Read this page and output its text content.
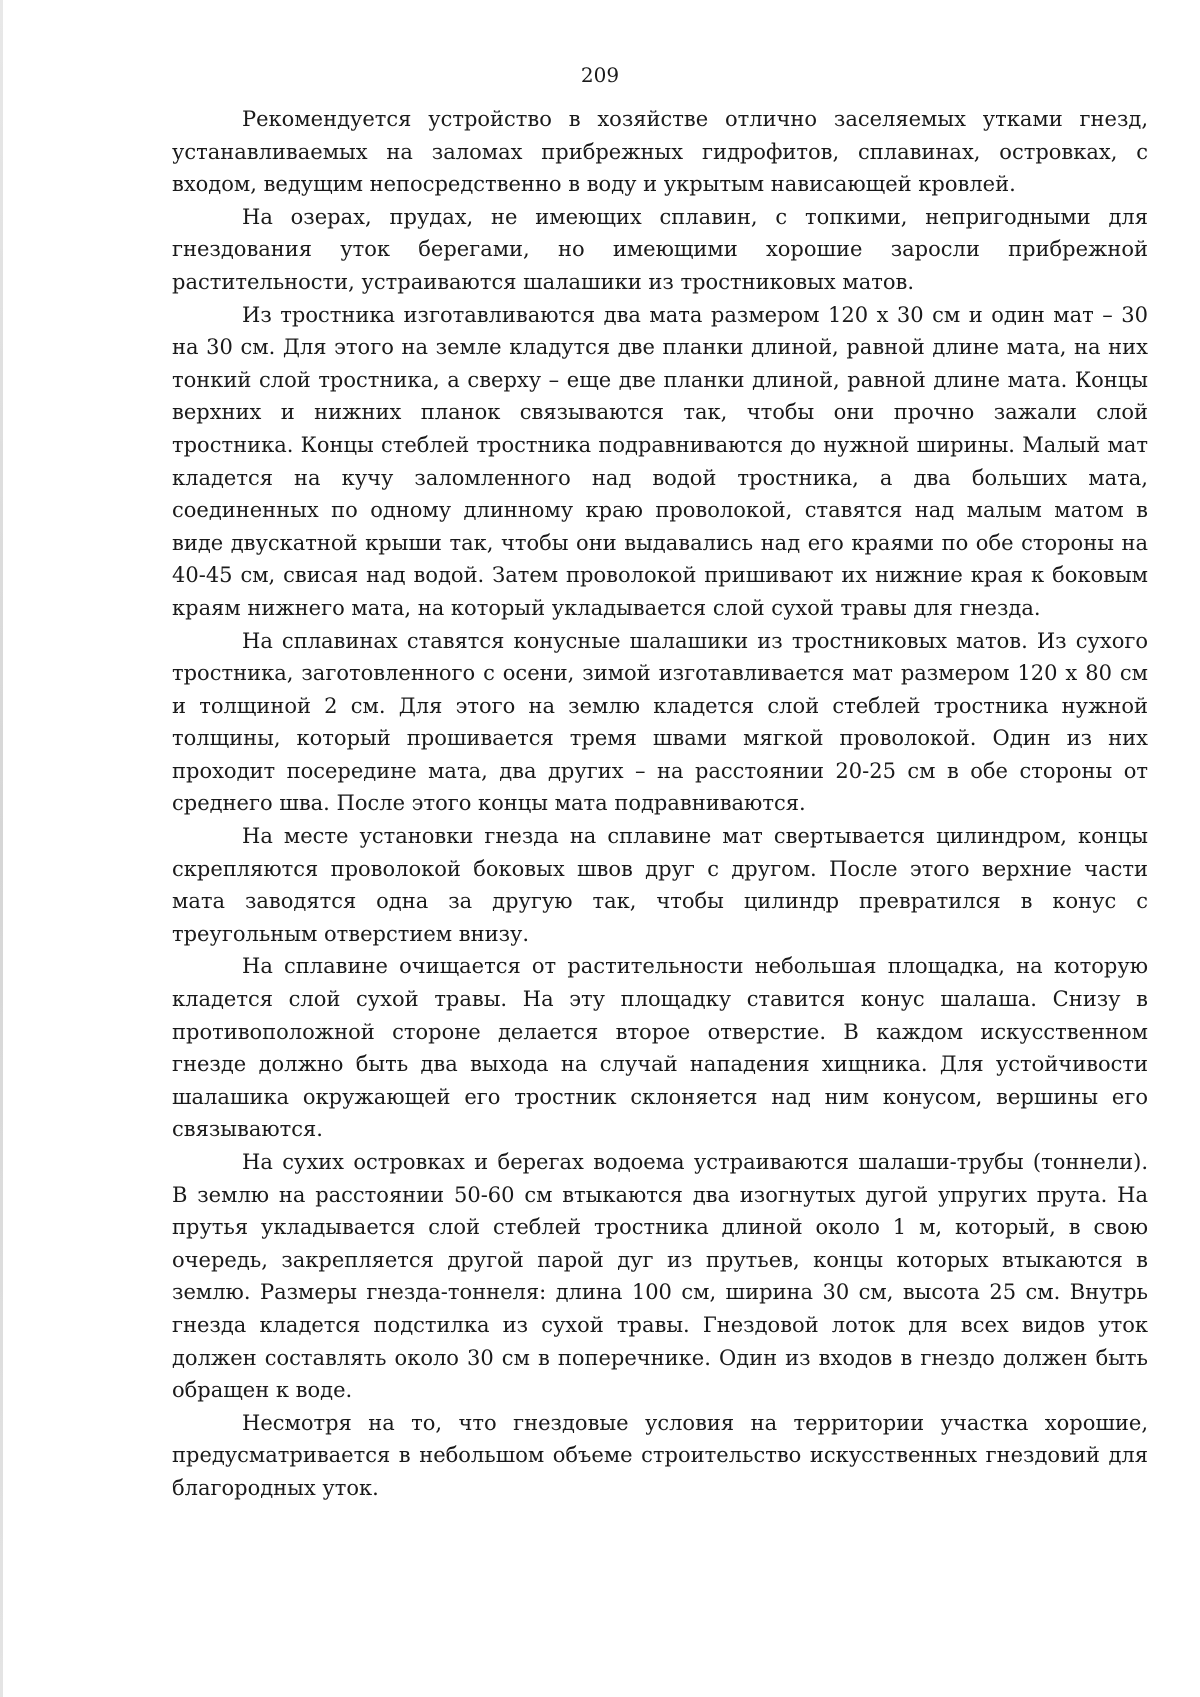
209

Рекомендуется устройство в хозяйстве отлично заселяемых утками гнезд, устанавливаемых на заломах прибрежных гидрофитов, сплавинах, островках, с входом, ведущим непосредственно в воду и укрытым нависающей кровлей.

На озерах, прудах, не имеющих сплавин, с топкими, непригодными для гнездования уток берегами, но имеющими хорошие заросли прибрежной растительности, устраиваются шалашики из тростниковых матов.

Из тростника изготавливаются два мата размером 120 х 30 см и один мат – 30 на 30 см. Для этого на земле кладутся две планки длиной, равной длине мата, на них тонкий слой тростника, а сверху – еще две планки длиной, равной длине мата. Концы верхних и нижних планок связываются так, чтобы они прочно зажали слой тростника. Концы стеблей тростника подравниваются до нужной ширины. Малый мат кладется на кучу заломленного над водой тростника, а два больших мата, соединенных по одному длинному краю проволокой, ставятся над малым матом в виде двускатной крыши так, чтобы они выдавались над его краями по обе стороны на 40-45 см, свисая над водой. Затем проволокой пришивают их нижние края к боковым краям нижнего мата, на который укладывается слой сухой травы для гнезда.

На сплавинах ставятся конусные шалашики из тростниковых матов. Из сухого тростника, заготовленного с осени, зимой изготавливается мат размером 120 х 80 см и толщиной 2 см. Для этого на землю кладется слой стеблей тростника нужной толщины, который прошивается тремя швами мягкой проволокой. Один из них проходит посередине мата, два других – на расстоянии 20-25 см в обе стороны от среднего шва. После этого концы мата подравниваются.

На месте установки гнезда на сплавине мат свертывается цилиндром, концы скрепляются проволокой боковых швов друг с другом. После этого верхние части мата заводятся одна за другую так, чтобы цилиндр превратился в конус с треугольным отверстием внизу.

На сплавине очищается от растительности небольшая площадка, на которую кладется слой сухой травы. На эту площадку ставится конус шалаша. Снизу в противоположной стороне делается второе отверстие. В каждом искусственном гнезде должно быть два выхода на случай нападения хищника. Для устойчивости шалашика окружающей его тростник склоняется над ним конусом, вершины его связываются.

На сухих островках и берегах водоема устраиваются шалаши-трубы (тоннели). В землю на расстоянии 50-60 см втыкаются два изогнутых дугой упругих прута. На прутья укладывается слой стеблей тростника длиной около 1 м, который, в свою очередь, закрепляется другой парой дуг из прутьев, концы которых втыкаются в землю. Размеры гнезда-тоннеля: длина 100 см, ширина 30 см, высота 25 см. Внутрь гнезда кладется подстилка из сухой травы. Гнездовой лоток для всех видов уток должен составлять около 30 см в поперечнике. Один из входов в гнездо должен быть обращен к воде.

Несмотря на то, что гнездовые условия на территории участка хорошие, предусматривается в небольшом объеме строительство искусственных гнездовий для благородных уток.
